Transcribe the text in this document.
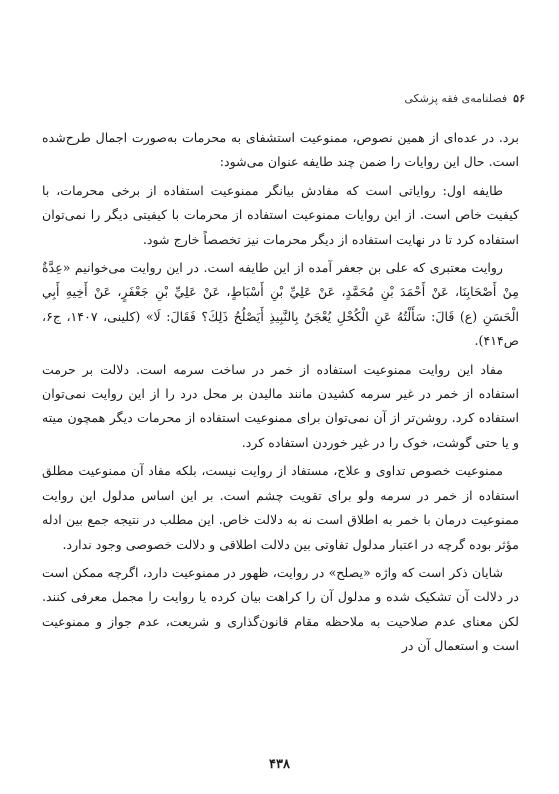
۵۶
فصلنامه‌ی فقه پزشکی

برد. در عده‌ای از همین نصوص، ممنوعیت استشفای به محرمات به‌صورت اجمال طرح‌شده است. حال این روایات را ضمن چند طایفه عنوان می‌شود:

طایفه اول: روایاتی است که مفادش بیانگر ممنوعیت استفاده از برخی محرمات، با کیفیت خاص است. از این روایات ممنوعیت استفاده از محرمات با کیفیتی دیگر را نمی‌توان استفاده کرد تا در نهایت استفاده از دیگر محرمات نیز تخصصاً خارج شود.

روایت معتبری که علی بن جعفر آمده از این طایفه است. در این روایت می‌خوانیم «عِدَّةٌ مِنْ أَصْحَابِنَا، عَنْ أَحْمَدَ بْنِ مُحَمَّدٍ، عَنْ عَلِيِّ بْنِ أَسْبَاطٍ، عَنْ عَلِيِّ بْنِ جَعْفَرٍ، عَنْ أَخِيهِ أَبِي الْحَسَنِ (ع) قَالَ: سَأَلْتُهُ عَنِ الْكُحْلِ يُعْجَنُ بِالنَّبِيذِ أَيَصْلُحُ ذَلِكَ؟ فَقَالَ: لَا» (کلینی، ۱۴۰۷، ج۶، ص۴۱۴).

مفاد این روایت ممنوعیت استفاده از خمر در ساخت سرمه است. دلالت بر حرمت استفاده از خمر در غیر سرمه کشیدن مانند مالیدن بر محل درد را از این روایت نمی‌توان استفاده کرد. روشن‌تر از آن نمی‌توان برای ممنوعیت استفاده از محرمات دیگر همچون میته و یا حتی گوشت، خوک را در غیر خوردن استفاده کرد.

ممنوعیت خصوص تداوی و علاج، مستفاد از روایت نیست، بلکه مفاد آن ممنوعیت مطلق استفاده از خمر در سرمه ولو برای تقویت چشم است. بر این اساس مدلول این روایت ممنوعیت درمان با خمر به اطلاق است نه به دلالت خاص. این مطلب در نتیجه جمع بین ادله مؤثر بوده گرچه در اعتبار مدلول تفاوتی بین دلالت اطلاقی و دلالت خصوصی وجود ندارد.

شایان ذکر است که واژه «یصلح» در روایت، ظهور در ممنوعیت دارد، اگرچه ممکن است در دلالت آن تشکیک شده و مدلول آن را کراهت بیان کرده یا روایت را مجمل معرفی کنند. لکن معنای عدم صلاحیت به ملاحظه مقام قانون‌گذاری و شریعت، عدم جواز و ممنوعیت است و استعمال آن در

۴۳۸
